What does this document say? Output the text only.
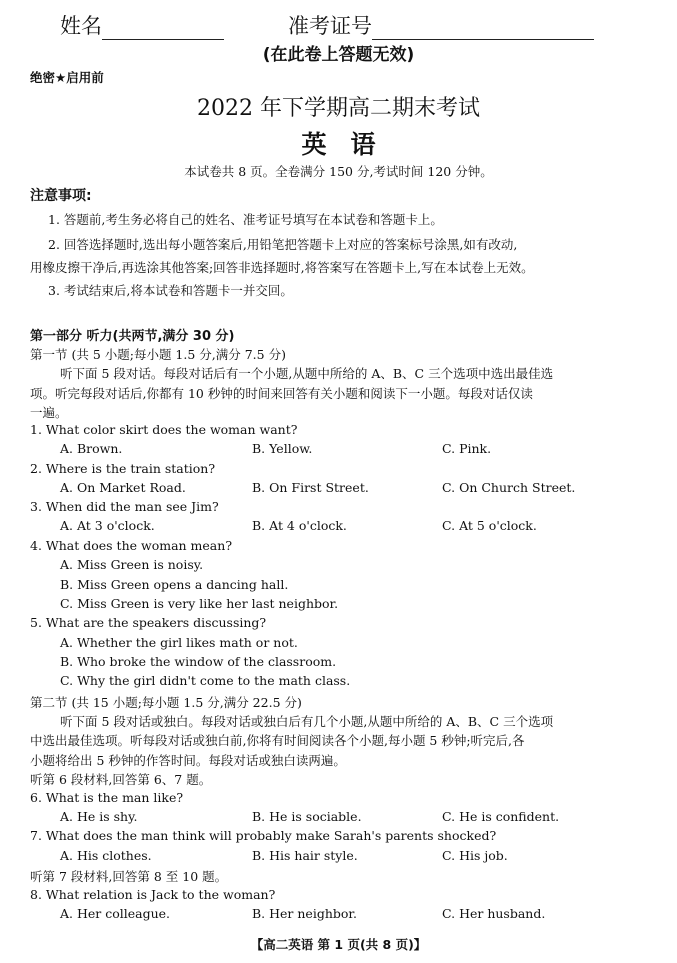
姓名	准考证号
(在此卷上答题无效)
绝密★启用前
2022 年下学期高二期末考试
英语
本试卷共 8 页。全卷满分 150 分,考试时间 120 分钟。
注意事项:
1. 答题前,考生务必将自己的姓名、准考证号填写在本试卷和答题卡上。
2. 回答选择题时,选出每小题答案后,用铅笔把答题卡上对应的答案标号涂黑,如有改动,
用橡皮擦干净后,再选涂其他答案;回答非选择题时,将答案写在答题卡上,写在本试卷上无效。
3. 考试结束后,将本试卷和答题卡一并交回。
第一部分 听力(共两节,满分 30 分)
第一节 (共 5 小题;每小题 1.5 分,满分 7.5 分)
听下面 5 段对话。每段对话后有一个小题,从题中所给的 A、B、C 三个选项中选出最佳选
项。听完每段对话后,你都有 10 秒钟的时间来回答有关小题和阅读下一小题。每段对话仅读
一遍。
1. What color skirt does the woman want?
A. Brown.	B. Yellow.	C. Pink.
2. Where is the train station?
A. On Market Road.	B. On First Street.	C. On Church Street.
3. When did the man see Jim?
A. At 3 o'clock.	B. At 4 o'clock.	C. At 5 o'clock.
4. What does the woman mean?
A. Miss Green is noisy.
B. Miss Green opens a dancing hall.
C. Miss Green is very like her last neighbor.
5. What are the speakers discussing?
A. Whether the girl likes math or not.
B. Who broke the window of the classroom.
C. Why the girl didn't come to the math class.
第二节 (共 15 小题;每小题 1.5 分,满分 22.5 分)
听下面 5 段对话或独白。每段对话或独白后有几个小题,从题中所给的 A、B、C 三个选项
中选出最佳选项。听每段对话或独白前,你将有时间阅读各个小题,每小题 5 秒钟;听完后,各
小题将给出 5 秒钟的作答时间。每段对话或独白读两遍。
听第 6 段材料,回答第 6、7 题。
6. What is the man like?
A. He is shy.	B. He is sociable.	C. He is confident.
7. What does the man think will probably make Sarah's parents shocked?
A. His clothes.	B. His hair style.	C. His job.
听第 7 段材料,回答第 8 至 10 题。
8. What relation is Jack to the woman?
A. Her colleague.	B. Her neighbor.	C. Her husband.
【高二英语 第 1 页(共 8 页)】
